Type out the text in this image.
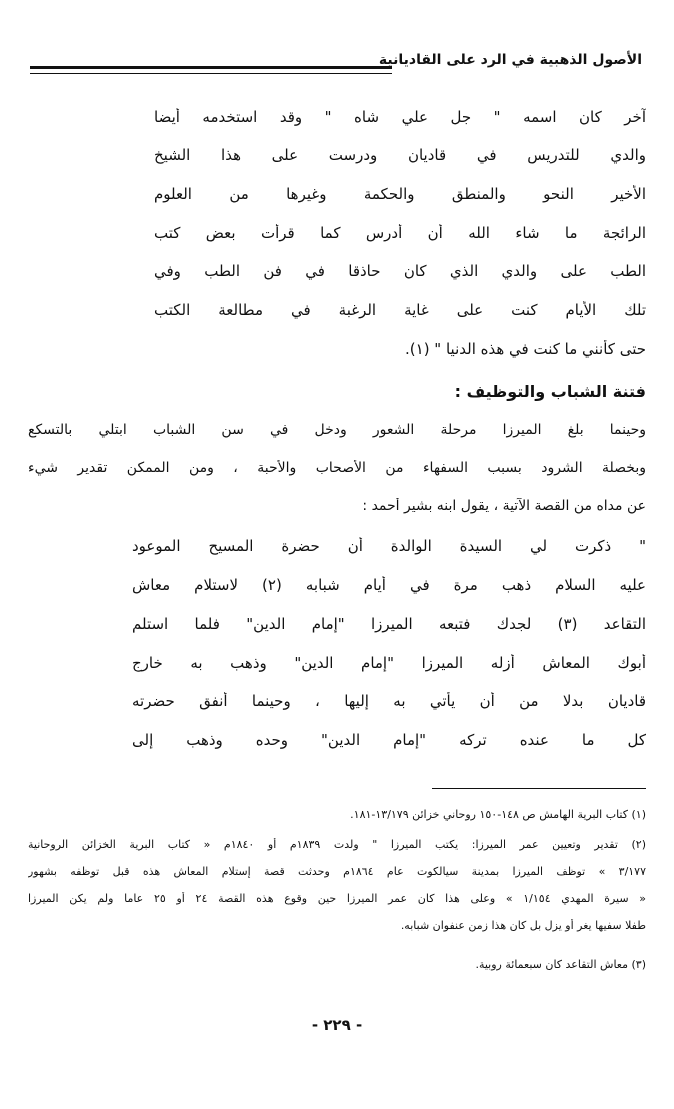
الأصول الذهبية في الرد على القاديانية
آخر كان اسمه " جل علي شاه " وقد استخدمه أيضا
والدي للتدريس في قاديان ودرست على هذا الشيخ
الأخير النحو والمنطق والحكمة وغيرها من العلوم
الرائجة ما شاء الله أن أدرس كما قرأت بعض كتب
الطب على والدي الذي كان حاذقا في فن الطب وفي
تلك الأيام كنت على غاية الرغبة في مطالعة الكتب
حتى كأنني ما كنت في هذه الدنيا " (١).
فتنة الشباب والتوظيف :
وحينما بلغ الميرزا مرحلة الشعور ودخل في سن الشباب ابتلي بالتسكع
وبخصلة الشرود بسبب السفهاء من الأصحاب والأحبة ، ومن الممكن تقدير شيء
عن مداه من القصة الآتية ، يقول ابنه بشير أحمد :
" ذكرت لي السيدة الوالدة أن حضرة المسيح الموعود
عليه السلام ذهب مرة في أيام شبابه (٢) لاستلام معاش
التقاعد (٣) لجدك فتبعه الميرزا "إمام الدين" فلما استلم
أبوك المعاش أزله الميرزا "إمام الدين" وذهب به خارج
قاديان بدلا من أن يأتي به إليها ، وحينما أنفق حضرته
كل ما عنده تركه "إمام الدين" وحده وذهب إلى
(١) كتاب البرية الهامش ص ١٤٨-١٥٠ روحاني خزائن ١٣/١٧٩-١٨١.
(٢) تقدير وتعيين عمر الميرزا: يكتب الميرزا " ولدت ١٨٣٩م أو ١٨٤٠م « كتاب البرية الخزائن الروحانية
٣/١٧٧ » توظف الميرزا بمدينة سيالكوت عام ١٨٦٤م وحدثت قصة إستلام المعاش هذه قبل توظفه بشهور
« سيرة المهدي ١/١٥٤ » وعلى هذا كان عمر الميرزا حين وقوع هذه القصة ٢٤ أو ٢٥ عاما ولم يكن الميرزا
طفلا سفيها يغر أو يزل بل كان هذا زمن عنفوان شبابه.
(٣) معاش التقاعد كان سبعمائة روبية.
- ٢٢٩ -
